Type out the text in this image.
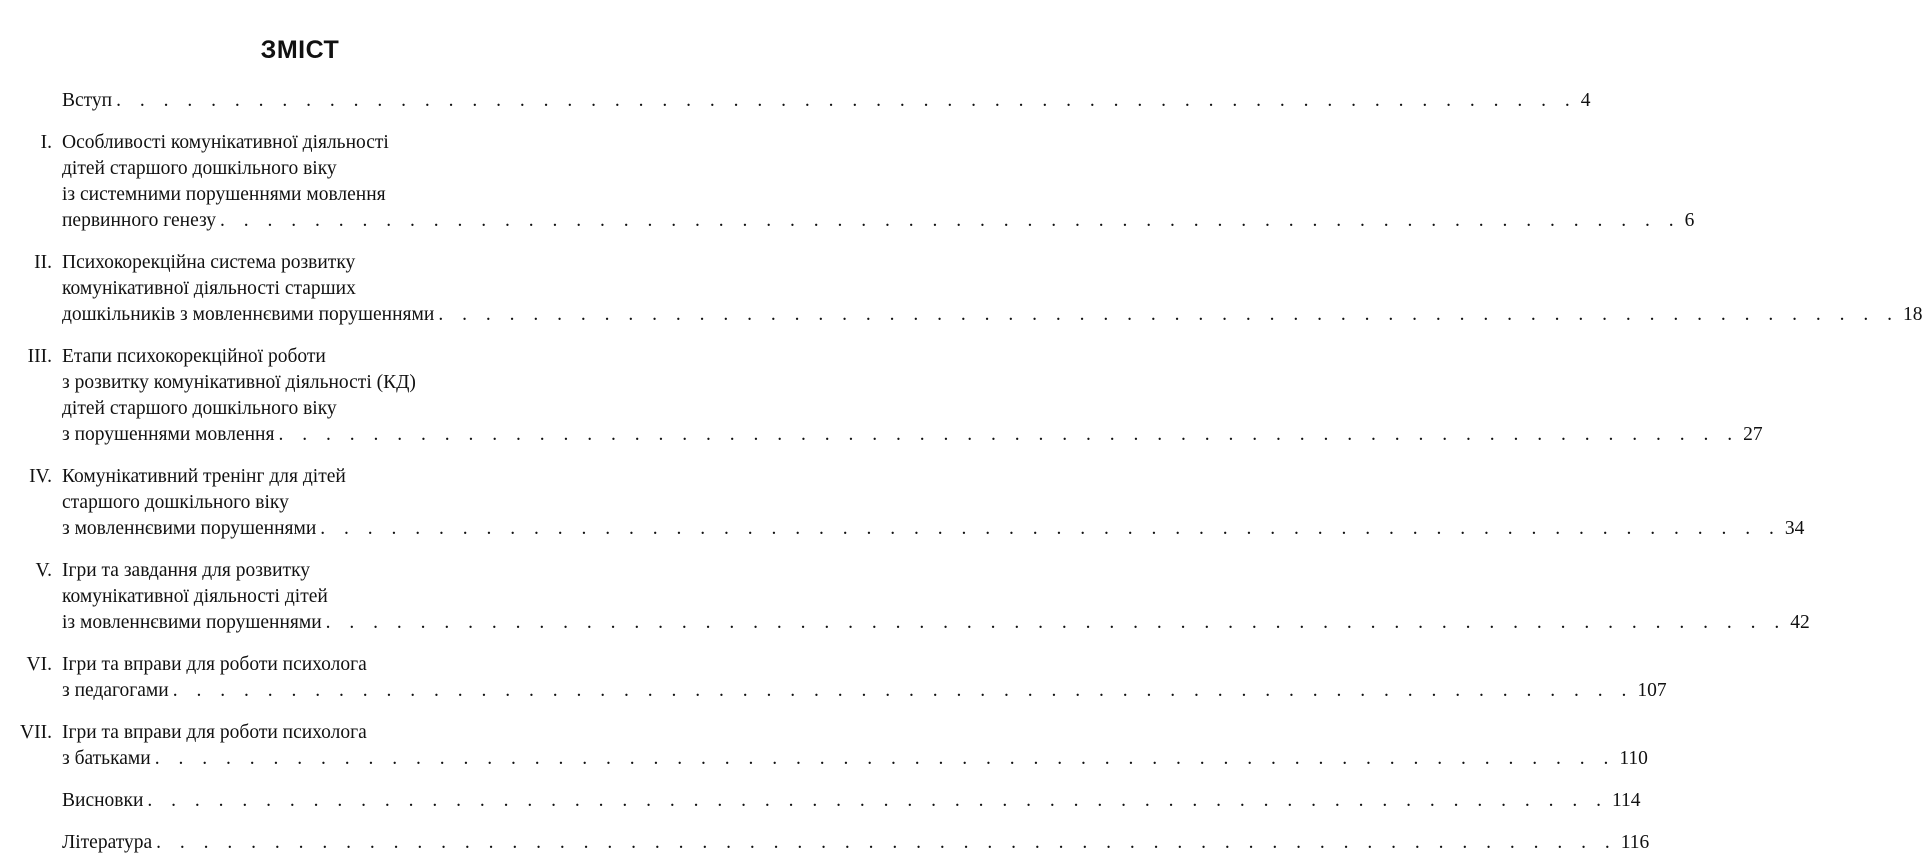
ЗМІСТ
Вступ . . . . . . . . . . . . . . . . . . . . . . . . . . . . . . . . . . . . . . . . . . . . . . . . . . . . . . . . . . . . . . 4
I. Особливості комунікативної діяльності
дітей старшого дошкільного віку
із системними порушеннями мовлення
первинного генезу . . . . . . . . . . . . . . . . . . . . . . . . . . . . . . . . . . . . . . . . . . . . . . . . . . . . . . . . . . . . . . 6
II. Психокорекційна система розвитку
комунікативної діяльності старших
дошкільників з мовленнєвими порушеннями . . . . . . . . . . . . . . . . . . . . . . . . . . . . . . . . . . . . . . . . . . . . . . . . . . . . . . . . . . . . . . 18
III. Етапи психокорекційної роботи
з розвитку комунікативної діяльності (КД)
дітей старшого дошкільного віку
з порушеннями мовлення . . . . . . . . . . . . . . . . . . . . . . . . . . . . . . . . . . . . . . . . . . . . . . . . . . . . . . . . . . . . . . 27
IV. Комунікативний тренінг для дітей
старшого дошкільного віку
з мовленнєвими порушеннями . . . . . . . . . . . . . . . . . . . . . . . . . . . . . . . . . . . . . . . . . . . . . . . . . . . . . . . . . . . . . . 34
V. Ігри та завдання для розвитку
комунікативної діяльності дітей
із мовленнєвими порушеннями . . . . . . . . . . . . . . . . . . . . . . . . . . . . . . . . . . . . . . . . . . . . . . . . . . . . . . . . . . . . . . 42
VI. Ігри та вправи для роботи психолога
з педагогами . . . . . . . . . . . . . . . . . . . . . . . . . . . . . . . . . . . . . . . . . . . . . . . . . . . . . . . . . . . . . . 107
VII. Ігри та вправи для роботи психолога
з батьками . . . . . . . . . . . . . . . . . . . . . . . . . . . . . . . . . . . . . . . . . . . . . . . . . . . . . . . . . . . . . . 110
Висновки . . . . . . . . . . . . . . . . . . . . . . . . . . . . . . . . . . . . . . . . . . . . . . . . . . . . . . . . . . . . . . 114
Література . . . . . . . . . . . . . . . . . . . . . . . . . . . . . . . . . . . . . . . . . . . . . . . . . . . . . . . . . . . . . . 116
